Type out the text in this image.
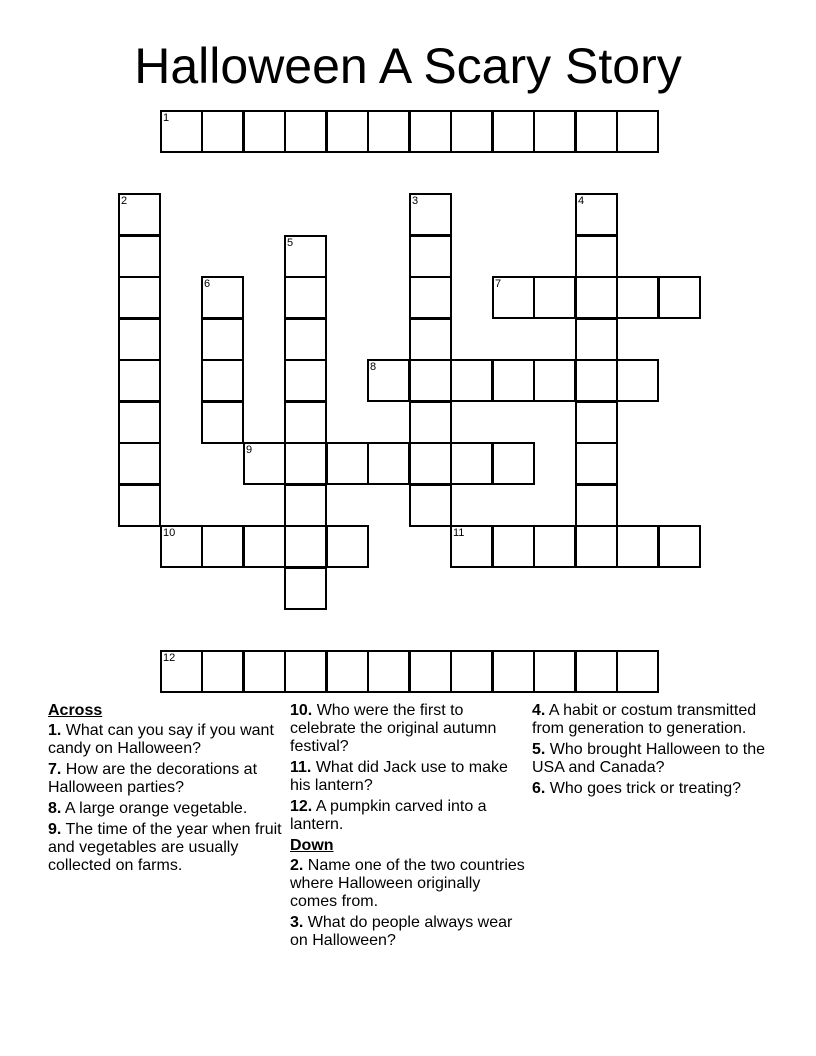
Halloween A Scary Story
1
2	3	4
5
6	7
8
9
10	11
12
Across
1. What can you say if you want candy on Halloween?
7. How are the decorations at Halloween parties?
8. A large orange vegetable.
9. The time of the year when fruit and vegetables are usually collected on farms.
10. Who were the first to celebrate the original autumn festival?
11. What did Jack use to make his lantern?
12. A pumpkin carved into a lantern.
Down
2. Name one of the two countries where Halloween originally comes from.
3. What do people always wear on Halloween?
4. A habit or costum transmitted from generation to generation.
5. Who brought Halloween to the USA and Canada?
6. Who goes trick or treating?
